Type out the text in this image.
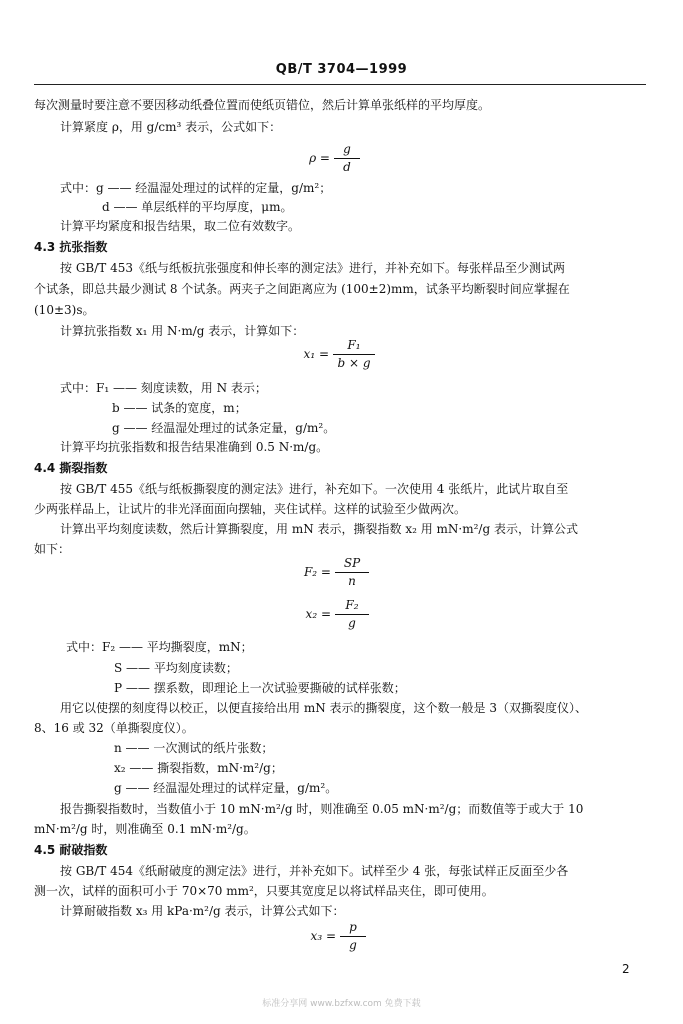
QB/T 3704—1999
每次测量时要注意不要因移动纸叠位置而使纸页错位，然后计算单张纸样的平均厚度。
计算紧度 ρ，用 g/cm³ 表示，公式如下：
ρ =
g
d
式中：g —— 经温湿处理过的试样的定量，g/m²；
d —— 单层纸样的平均厚度，μm。
计算平均紧度和报告结果，取二位有效数字。
4.3 抗张指数
按 GB/T 453《纸与纸板抗张强度和伸长率的测定法》进行，并补充如下。每张样品至少测试两
个试条，即总共最少测试 8 个试条。两夹子之间距离应为 (100±2)mm，试条平均断裂时间应掌握在
(10±3)s。
计算抗张指数 x₁ 用 N·m/g 表示，计算如下：
x₁ =
F₁
b × g
式中：F₁ —— 刻度读数，用 N 表示；
b —— 试条的宽度，m；
g —— 经温湿处理过的试条定量，g/m²。
计算平均抗张指数和报告结果准确到 0.5 N·m/g。
4.4 撕裂指数
按 GB/T 455《纸与纸板撕裂度的测定法》进行，补充如下。一次使用 4 张纸片，此试片取自至
少两张样品上，让试片的非光泽面面向摆轴，夹住试样。这样的试验至少做两次。
计算出平均刻度读数，然后计算撕裂度，用 mN 表示，撕裂指数 x₂ 用 mN·m²/g 表示，计算公式
如下：
F₂ =
SP
n
x₂ =
F₂
g
式中：F₂ —— 平均撕裂度，mN；
S —— 平均刻度读数；
P —— 摆系数，即理论上一次试验要撕破的试样张数；
用它以使摆的刻度得以校正，以便直接给出用 mN 表示的撕裂度，这个数一般是 3（双撕裂度仪）、
8、16 或 32（单撕裂度仪）。
n —— 一次测试的纸片张数；
x₂ —— 撕裂指数，mN·m²/g；
g —— 经温湿处理过的试样定量，g/m²。
报告撕裂指数时，当数值小于 10 mN·m²/g 时，则准确至 0.05 mN·m²/g；而数值等于或大于 10
mN·m²/g 时，则准确至 0.1 mN·m²/g。
4.5 耐破指数
按 GB/T 454《纸耐破度的测定法》进行，并补充如下。试样至少 4 张，每张试样正反面至少各
测一次，试样的面积可小于 70×70 mm²，只要其宽度足以将试样品夹住，即可使用。
计算耐破指数 x₃ 用 kPa·m²/g 表示，计算公式如下：
x₃ =
p
g
2
标准分享网 www.bzfxw.com 免费下载
